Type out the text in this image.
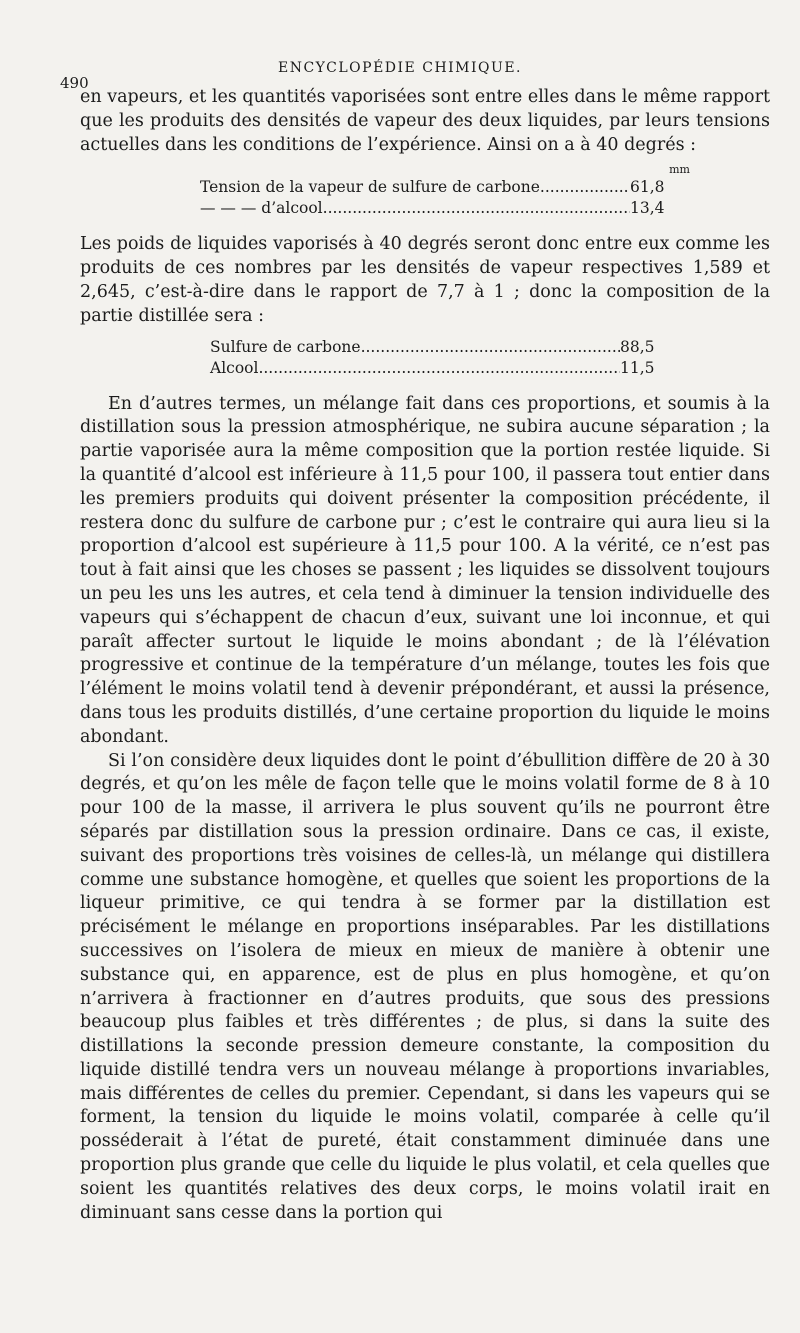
ENCYCLOPÉDIE CHIMIQUE.
490

en vapeurs, et les quantités vaporisées sont entre elles dans le même rapport que les produits des densités de vapeur des deux liquides, par leurs tensions actuelles dans les conditions de l’expérience. Ainsi on a à 40 degrés :

mm
Tension de la vapeur de sulfure de carbone .....	61,8
— — — d’alcool .....	13,4

Les poids de liquides vaporisés à 40 degrés seront donc entre eux comme les produits de ces nombres par les densités de vapeur respectives 1,589 et 2,645, c’est-à-dire dans le rapport de 7,7 à 1 ; donc la composition de la partie distillée sera :

Sulfure de carbone .....	88,5
Alcool .....	11,5

En d’autres termes, un mélange fait dans ces proportions, et soumis à la distillation sous la pression atmosphérique, ne subira aucune séparation ; la partie vaporisée aura la même composition que la portion restée liquide. Si la quantité d’alcool est inférieure à 11,5 pour 100, il passera tout entier dans les premiers produits qui doivent présenter la composition précédente, il restera donc du sulfure de carbone pur ; c’est le contraire qui aura lieu si la proportion d’alcool est supérieure à 11,5 pour 100. A la vérité, ce n’est pas tout à fait ainsi que les choses se passent ; les liquides se dissolvent toujours un peu les uns les autres, et cela tend à diminuer la tension individuelle des vapeurs qui s’échappent de chacun d’eux, suivant une loi inconnue, et qui paraît affecter surtout le liquide le moins abondant ; de là l’élévation progressive et continue de la température d’un mélange, toutes les fois que l’élément le moins volatil tend à devenir prépondérant, et aussi la présence, dans tous les produits distillés, d’une certaine proportion du liquide le moins abondant.

Si l’on considère deux liquides dont le point d’ébullition diffère de 20 à 30 degrés, et qu’on les mêle de façon telle que le moins volatil forme de 8 à 10 pour 100 de la masse, il arrivera le plus souvent qu’ils ne pourront être séparés par distillation sous la pression ordinaire. Dans ce cas, il existe, suivant des proportions très voisines de celles-là, un mélange qui distillera comme une substance homogène, et quelles que soient les proportions de la liqueur primitive, ce qui tendra à se former par la distillation est précisément le mélange en proportions inséparables. Par les distillations successives on l’isolera de mieux en mieux de manière à obtenir une substance qui, en apparence, est de plus en plus homogène, et qu’on n’arrivera à fractionner en d’autres produits, que sous des pressions beaucoup plus faibles et très différentes ; de plus, si dans la suite des distillations la seconde pression demeure constante, la composition du liquide distillé tendra vers un nouveau mélange à proportions invariables, mais différentes de celles du premier. Cependant, si dans les vapeurs qui se forment, la tension du liquide le moins volatil, comparée à celle qu’il posséderait à l’état de pureté, était constamment diminuée dans une proportion plus grande que celle du liquide le plus volatil, et cela quelles que soient les quantités relatives des deux corps, le moins volatil irait en diminuant sans cesse dans la portion qui
